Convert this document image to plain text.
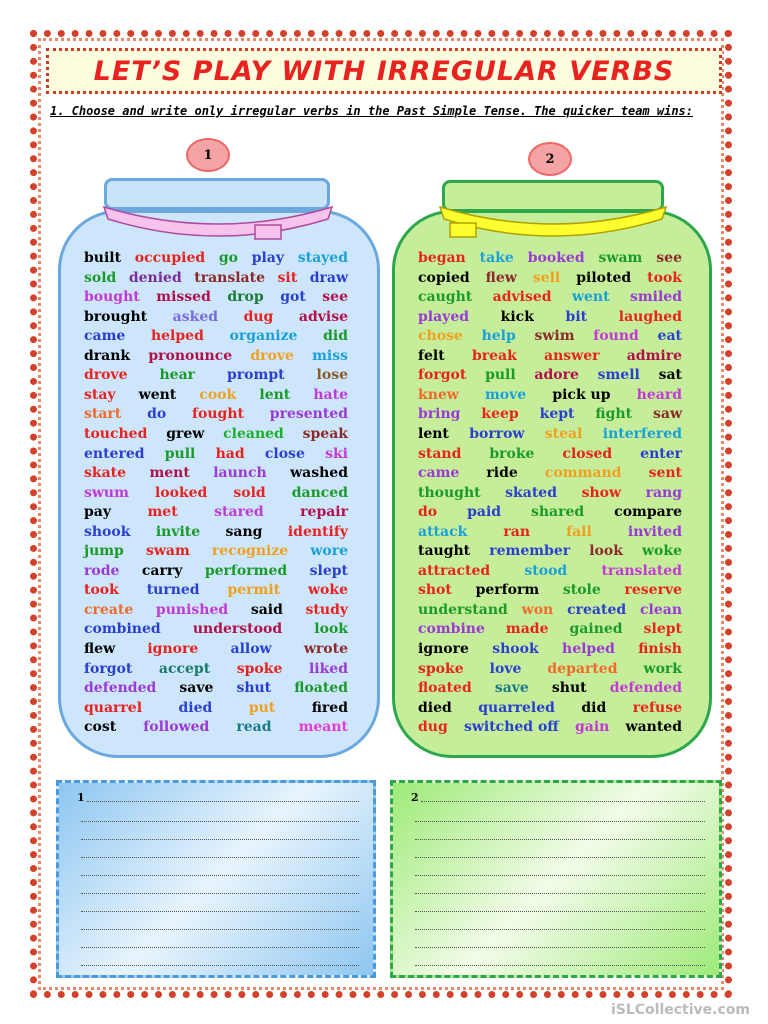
LET’S PLAY WITH IRREGULAR VERBS
1. Choose and write only irregular verbs in the Past Simple Tense. The quicker team wins:
1
built occupied go play stayed
sold denied translate sit draw
bought missed drop got see
brought asked dug advise
came helped organize did
drank pronounce drove miss
drove hear prompt lose
stay went cook lent hate
start do fought presented
touched grew cleaned speak
entered pull had close ski
skate ment launch washed
swum looked sold danced
pay	met	stared	repair
shook invite sang identify
jump swam recognize wore
rode carry performed slept
took turned permit woke
create punished said study
combined understood look
flew ignore allow wrote
forgot accept spoke liked
defended save shut floated
quarrel	died	put	fired
cost followed read meant
2
began take booked swam see
copied flew sell piloted took
caught advised went smiled
played kick bit laughed
chose help swim found eat
felt break answer admire
forgot pull adore smell sat
knew move pick up heard
bring keep kept fight saw
lent borrow steal interfered
stand broke closed enter
came ride command sent
thought skated show rang
do paid shared compare
attack	ran	fall	invited
taught remember look woke
attracted stood translated
shot perform stole reserve
understand won created clean
combine made gained slept
ignore shook helped finish
spoke love departed work
floated save shut defended
died quarreled did refuse
dug switched off gain wanted
1	2
iSLCollective.com
